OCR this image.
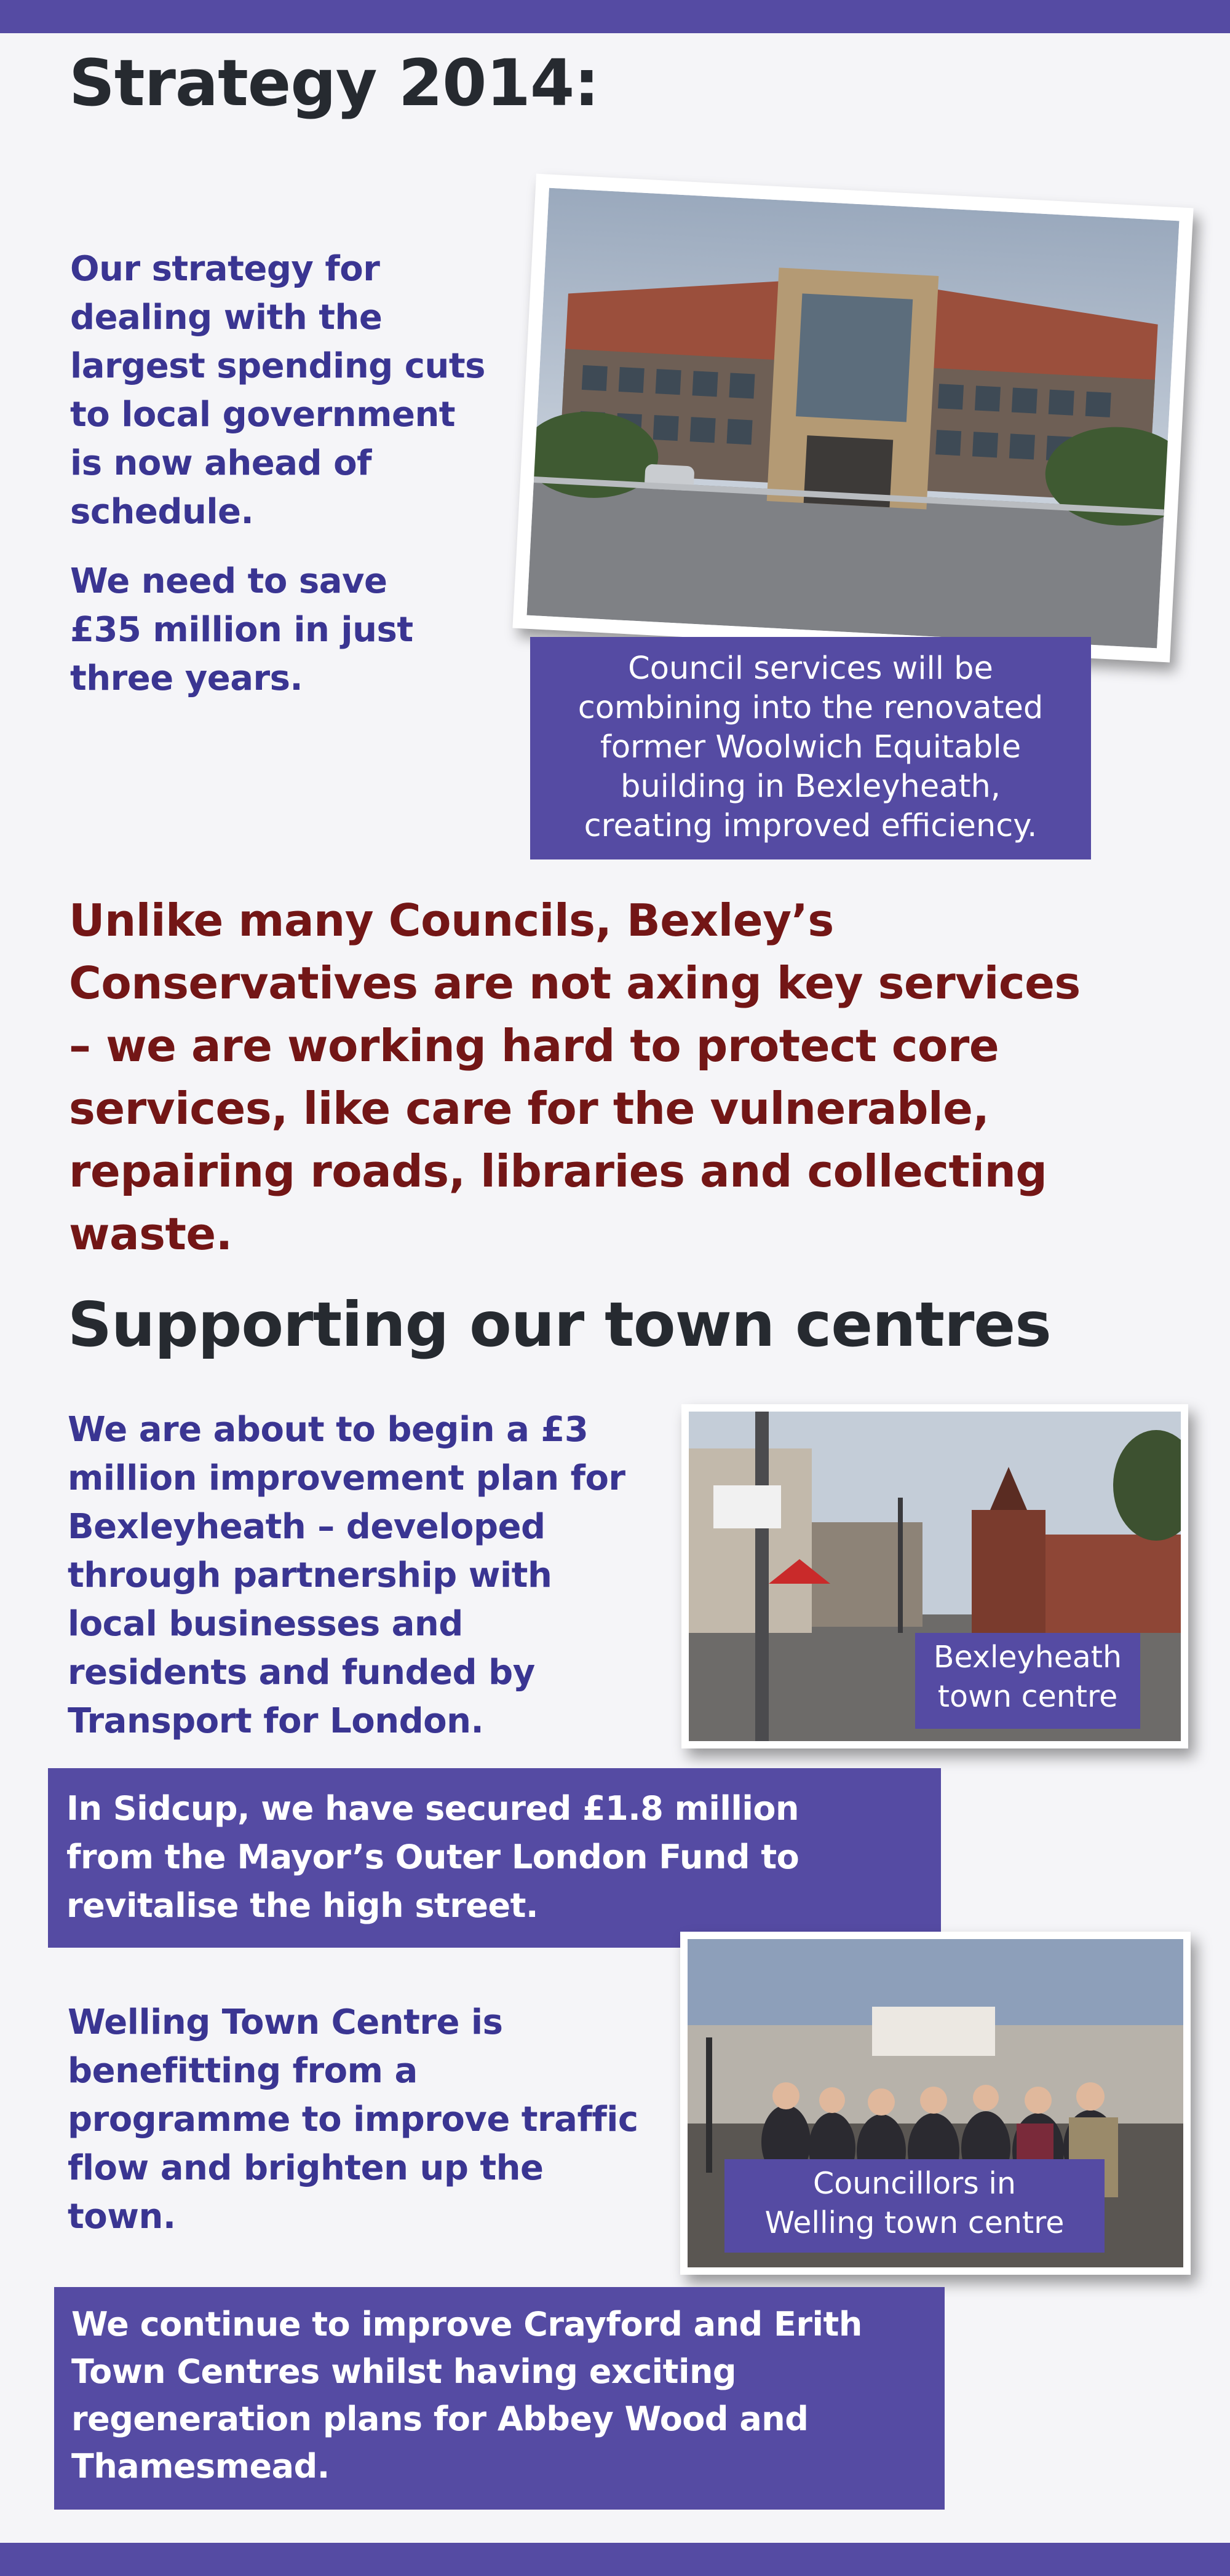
Strategy 2014:
Our strategy for
dealing with the
largest spending cuts
to local government
is now ahead of
schedule.
We need to save
£35 million in just
three years.	Council services will be
combining into the renovated
former Woolwich Equitable
building in Bexleyheath,
creating improved efficiency.
Unlike many Councils, Bexley’s
Conservatives are not axing key services
– we are working hard to protect core
services, like care for the vulnerable,
repairing roads, libraries and collecting
waste.
Supporting our town centres
We are about to begin a £3
million improvement plan for
Bexleyheath – developed
through partnership with
local businesses and
residents and funded by
Transport for London.
Bexleyheath
town centre
In Sidcup, we have secured £1.8 million
from the Mayor’s Outer London Fund to
revitalise the high street.
Welling Town Centre is
benefitting from a
programme to improve traffic
flow and brighten up the
town.
Councillors in
Welling town centre
We continue to improve Crayford and Erith
Town Centres whilst having exciting
regeneration plans for Abbey Wood and
Thamesmead.
